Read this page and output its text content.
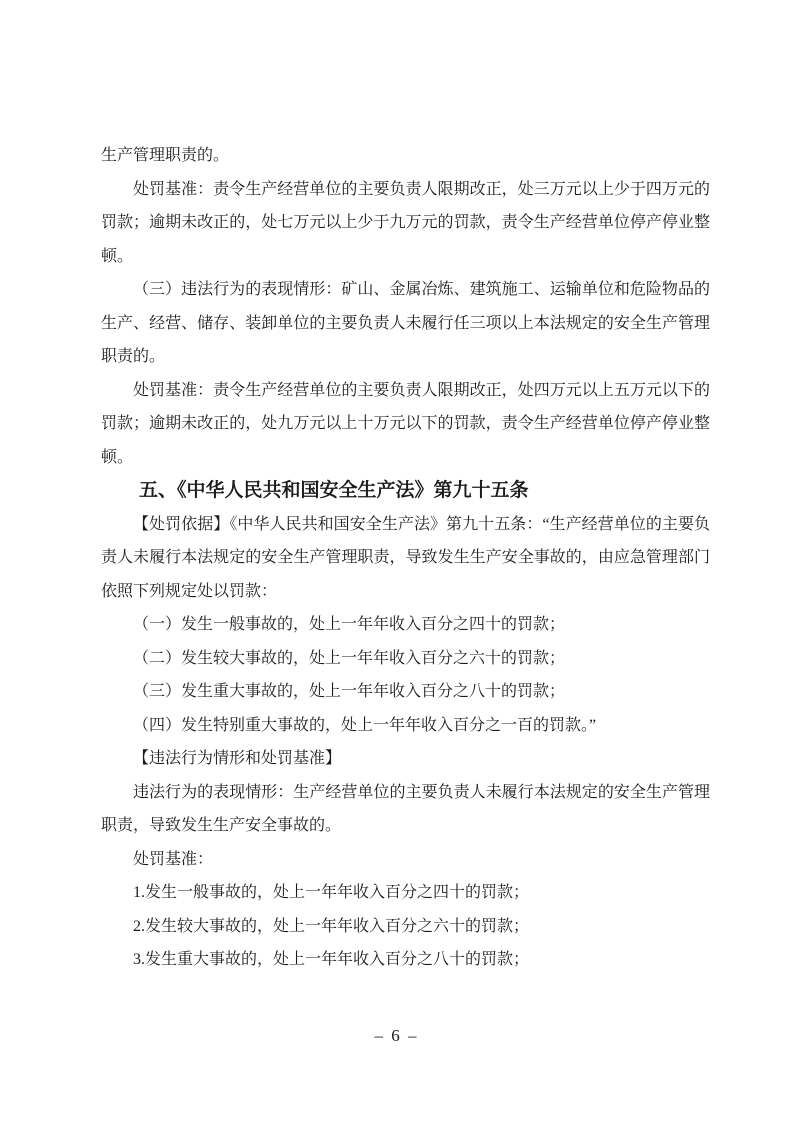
生产管理职责的。

处罚基准：责令生产经营单位的主要负责人限期改正，处三万元以上少于四万元的罚款；逾期未改正的，处七万元以上少于九万元的罚款，责令生产经营单位停产停业整顿。

（三）违法行为的表现情形：矿山、金属冶炼、建筑施工、运输单位和危险物品的生产、经营、储存、装卸单位的主要负责人未履行任三项以上本法规定的安全生产管理职责的。

处罚基准：责令生产经营单位的主要负责人限期改正，处四万元以上五万元以下的罚款；逾期未改正的，处九万元以上十万元以下的罚款，责令生产经营单位停产停业整顿。

五、《中华人民共和国安全生产法》第九十五条

【处罚依据】《中华人民共和国安全生产法》第九十五条：“生产经营单位的主要负责人未履行本法规定的安全生产管理职责，导致发生生产安全事故的，由应急管理部门依照下列规定处以罚款：

（一）发生一般事故的，处上一年年收入百分之四十的罚款；

（二）发生较大事故的，处上一年年收入百分之六十的罚款；

（三）发生重大事故的，处上一年年收入百分之八十的罚款；

（四）发生特别重大事故的，处上一年年收入百分之一百的罚款。”

【违法行为情形和处罚基准】

违法行为的表现情形：生产经营单位的主要负责人未履行本法规定的安全生产管理职责，导致发生生产安全事故的。

处罚基准：

1.发生一般事故的，处上一年年收入百分之四十的罚款；

2.发生较大事故的，处上一年年收入百分之六十的罚款；

3.发生重大事故的，处上一年年收入百分之八十的罚款；

– 6 –
